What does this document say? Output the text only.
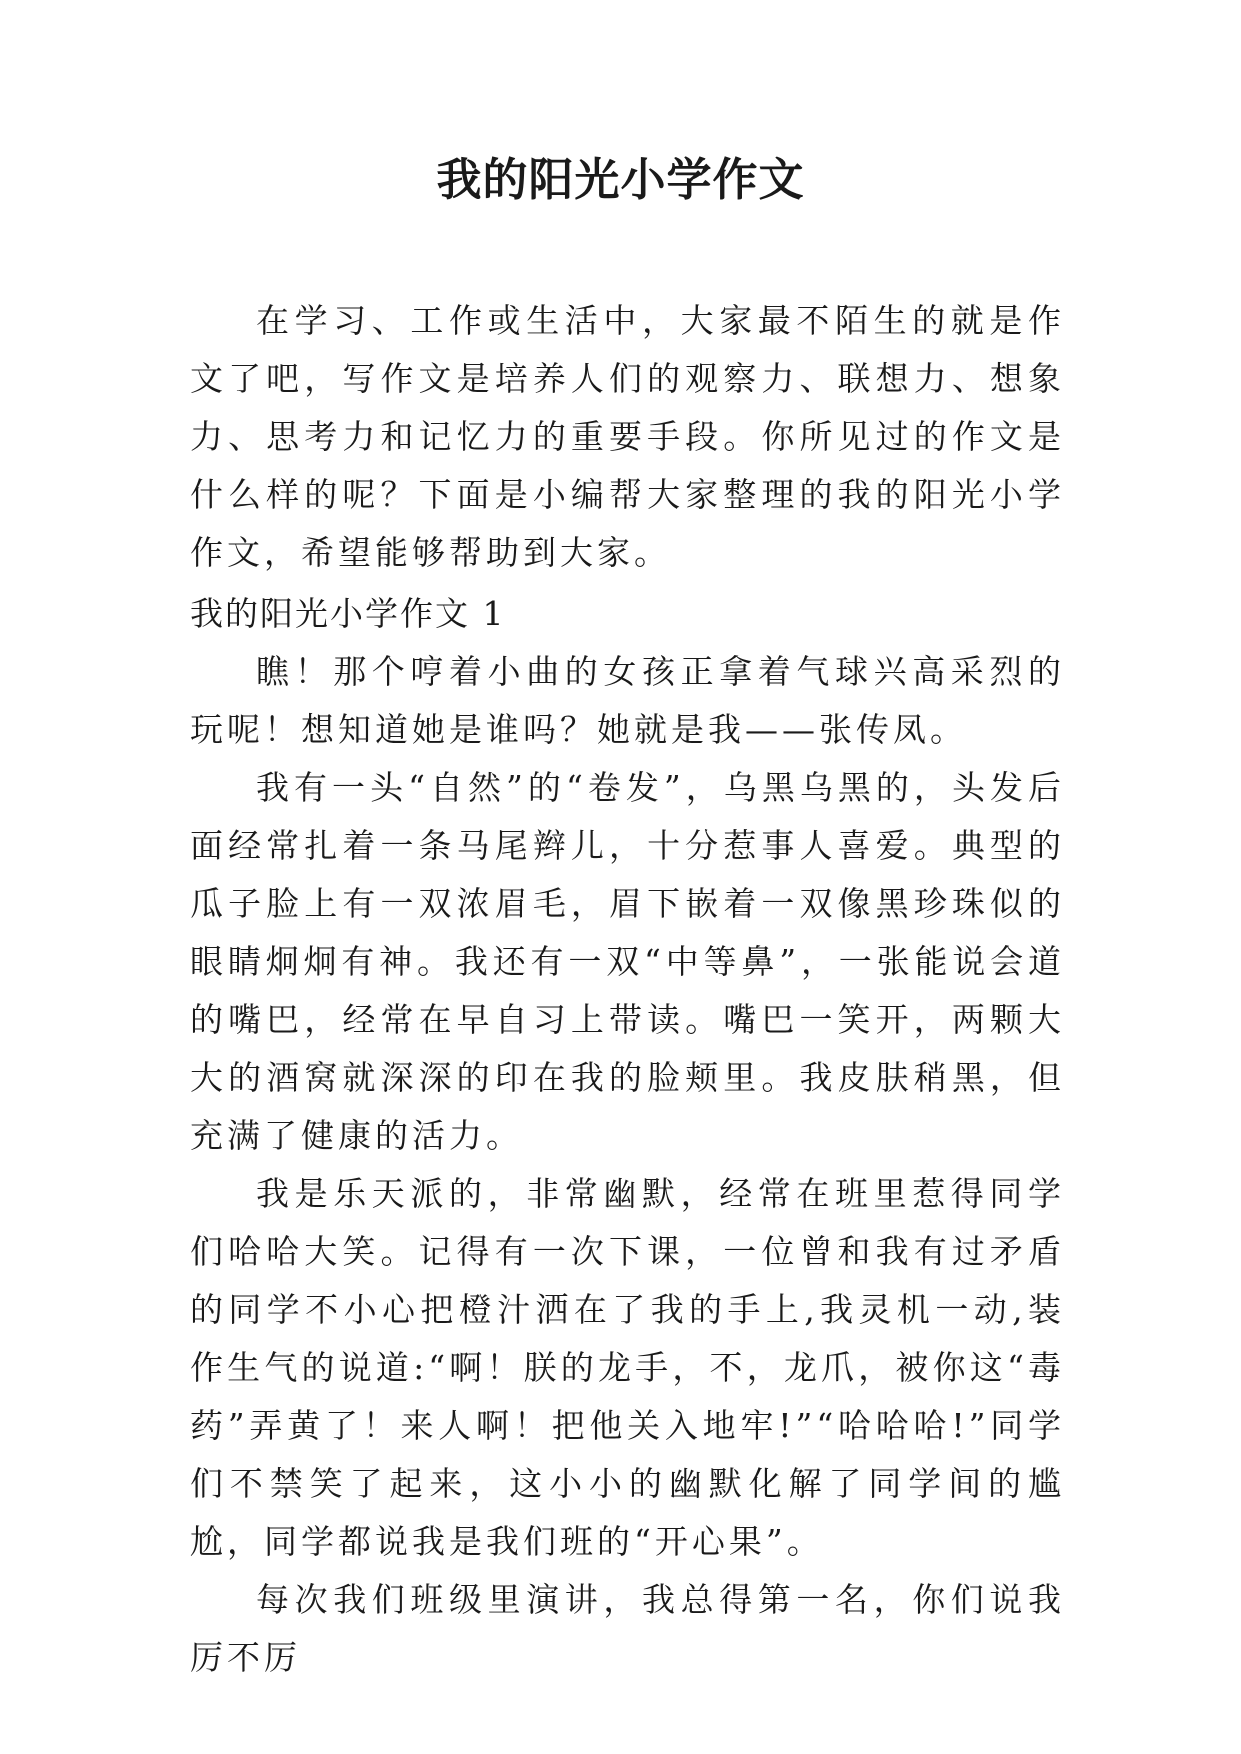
我的阳光小学作文

在学习、工作或生活中，大家最不陌生的就是作文了吧，写作文是培养人们的观察力、联想力、想象力、思考力和记忆力的重要手段。你所见过的作文是什么样的呢？下面是小编帮大家整理的我的阳光小学作文，希望能够帮助到大家。

我的阳光小学作文 1

瞧！那个哼着小曲的女孩正拿着气球兴高采烈的玩呢！想知道她是谁吗？她就是我——张传凤。

我有一头“自然”的“卷发”，乌黑乌黑的，头发后面经常扎着一条马尾辫儿，十分惹事人喜爱。典型的瓜子脸上有一双浓眉毛，眉下嵌着一双像黑珍珠似的眼睛炯炯有神。我还有一双“中等鼻”，一张能说会道的嘴巴，经常在早自习上带读。嘴巴一笑开，两颗大大的酒窝就深深的印在我的脸颊里。我皮肤稍黑，但充满了健康的活力。

我是乐天派的，非常幽默，经常在班里惹得同学们哈哈大笑。记得有一次下课，一位曾和我有过矛盾的同学不小心把橙汁洒在了我的手上,我灵机一动,装作生气的说道:“啊！朕的龙手，不，龙爪，被你这“毒药”弄黄了！来人啊！把他关入地牢!”“哈哈哈!”同学们不禁笑了起来，这小小的幽默化解了同学间的尴尬，同学都说我是我们班的“开心果”。

每次我们班级里演讲，我总得第一名，你们说我厉不厉
